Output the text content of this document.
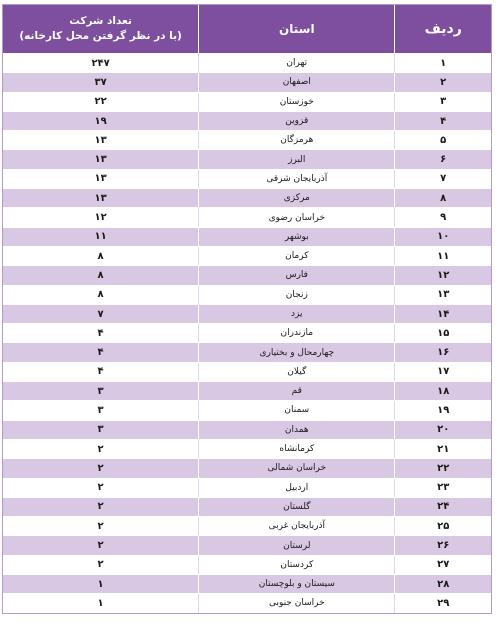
ردیف
استان
تعداد شرکت
(با در نظر گرفتن محل کارخانه)
۱
تهران
۲۴۷
۲
اصفهان
۳۷
۳
خوزستان
۲۲
۴
قزوین
۱۹
۵
هرمزگان
۱۳
۶
البرز
۱۳
۷
آذربایجان شرقی
۱۳
۸
مرکزی
۱۳
۹
خراسان رضوی
۱۲
۱۰
بوشهر
۱۱
۱۱
کرمان
۸
۱۲
فارس
۸
۱۳
زنجان
۸
۱۴
یزد
۷
۱۵
مازندران
۴
۱۶
چهارمحال و بختیاری
۴
۱۷
گیلان
۴
۱۸
قم
۳
۱۹
سمنان
۳
۲۰
همدان
۳
۲۱
کرمانشاه
۲
۲۲
خراسان شمالی
۲
۲۳
اردبیل
۲
۲۴
گلستان
۲
۲۵
آذربایجان غربی
۲
۲۶
لرستان
۲
۲۷
کردستان
۲
۲۸
سیستان و بلوچستان
۱
۲۹
خراسان جنوبی
۱
